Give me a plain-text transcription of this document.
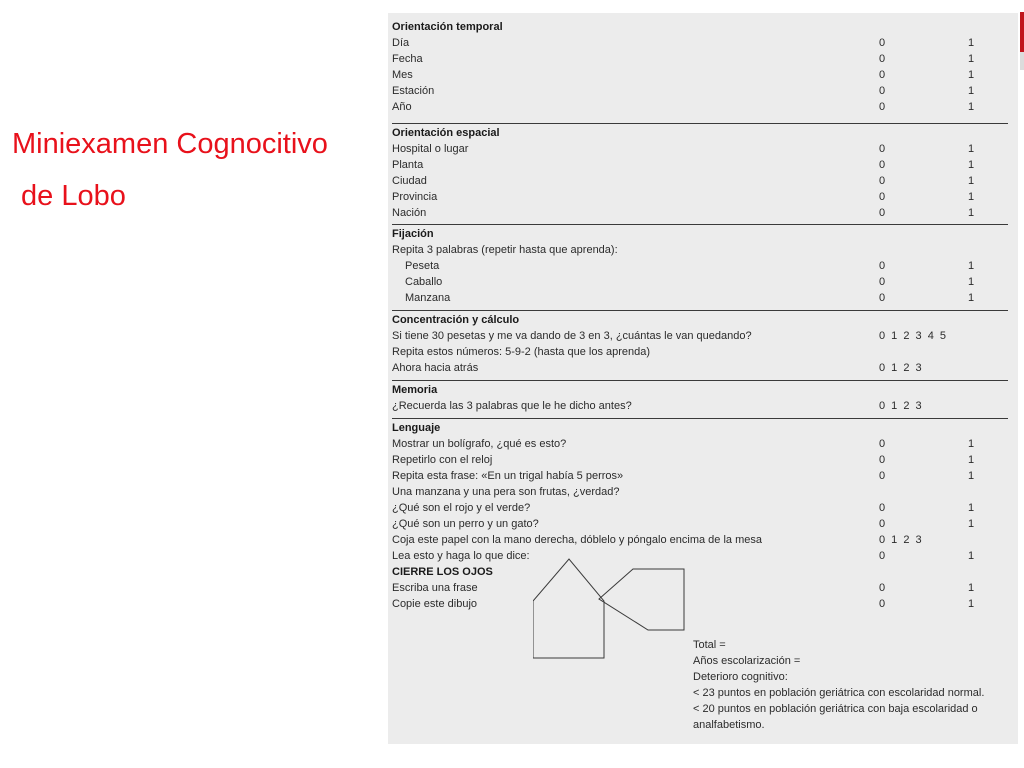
Miniexamen Cognocitivo
de Lobo
Orientación temporal
Día	0	1
Fecha	0	1
Mes	0	1
Estación	0	1
Año	0	1
Orientación espacial
Hospital o lugar	0	1
Planta	0	1
Ciudad	0	1
Provincia	0	1
Nación	0	1
Fijación
Repita 3 palabras (repetir hasta que aprenda):
Peseta	0	1
Caballo	0	1
Manzana	0	1
Concentración y cálculo
Si tiene 30 pesetas y me va dando de 3 en 3, ¿cuántas le van quedando?	0 1 2 3 4 5
Repita estos números: 5-9-2 (hasta que los aprenda)
Ahora hacia atrás	0 1 2 3
Memoria
¿Recuerda las 3 palabras que le he dicho antes?	0 1 2 3
Lenguaje
Mostrar un bolígrafo, ¿qué es esto?	0	1
Repetirlo con el reloj	0	1
Repita esta frase: «En un trigal había 5 perros»	0	1
Una manzana y una pera son frutas, ¿verdad?
¿Qué son el rojo y el verde?	0	1
¿Qué son un perro y un gato?	0	1
Coja este papel con la mano derecha, dóblelo y póngalo encima de la mesa	0 1 2 3
Lea esto y haga lo que dice:	0	1
CIERRE LOS OJOS
Escriba una frase	0	1
Copie este dibujo	0	1
Total =
Años escolarización =
Deterioro cognitivo:
< 23 puntos en población geriátrica con escolaridad normal.
< 20 puntos en población geriátrica con baja escolaridad o
analfabetismo.
